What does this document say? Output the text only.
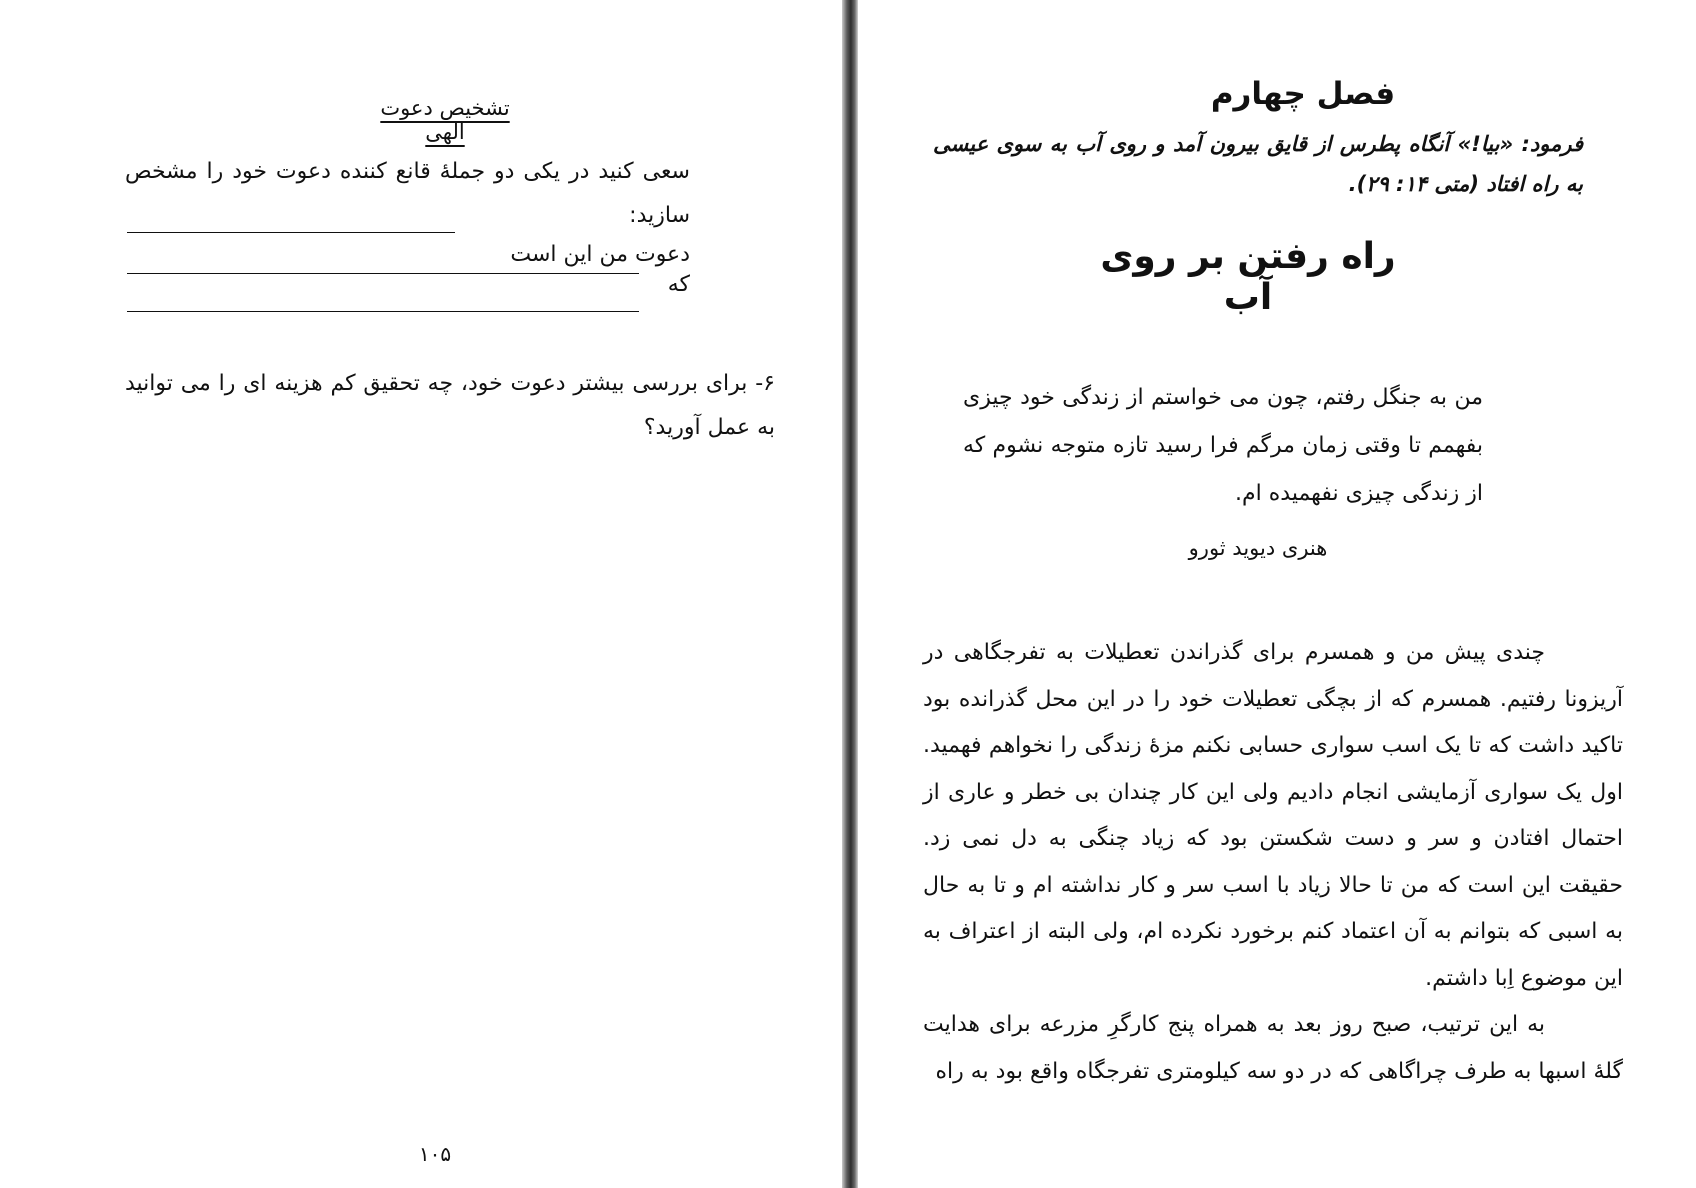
تشخیص دعوت الهی
سعی کنید در یکی دو جملۀ قانع کننده دعوت خود را مشخص سازید:
دعوت من این است که
۶- برای بررسی بیشتر دعوت خود، چه تحقیق کم هزینه ای را می توانید به عمل آورید؟
۱۰۵
فصل چهارم
فرمود: «بیا!» آنگاه پطرس از قایق بیرون آمد و روی آب به سوی عیسی به راه افتاد (متی ۱۴: ۲۹).
راه رفتن بر روی آب
من به جنگل رفتم، چون می خواستم از زندگی خود چیزی بفهمم تا وقتی زمان مرگم فرا رسید تازه متوجه نشوم که از زندگی چیزی نفهمیده ام.
هنری دیوید ثورو

چندی پیش من و همسرم برای گذراندن تعطیلات به تفرجگاهی در آریزونا رفتیم. همسرم که از بچگی تعطیلات خود را در این محل گذرانده بود تاکید داشت که تا یک اسب سواری حسابی نکنم مزۀ زندگی را نخواهم فهمید. اول یک سواری آزمایشی انجام دادیم ولی این کار چندان بی خطر و عاری از احتمال افتادن و سر و دست شکستن بود که زیاد چنگی به دل نمی زد. حقیقت این است که من تا حالا زیاد با اسب سر و کار نداشته ام و تا به حال به اسبی که بتوانم به آن اعتماد کنم برخورد نکرده ام، ولی البته از اعتراف به این موضوع اِبا داشتم.

به این ترتیب، صبح روز بعد به همراه پنج کارگرِ مزرعه برای هدایت گلۀ اسبها به طرف چراگاهی که در دو سه کیلومتری تفرجگاه واقع بود به راه
